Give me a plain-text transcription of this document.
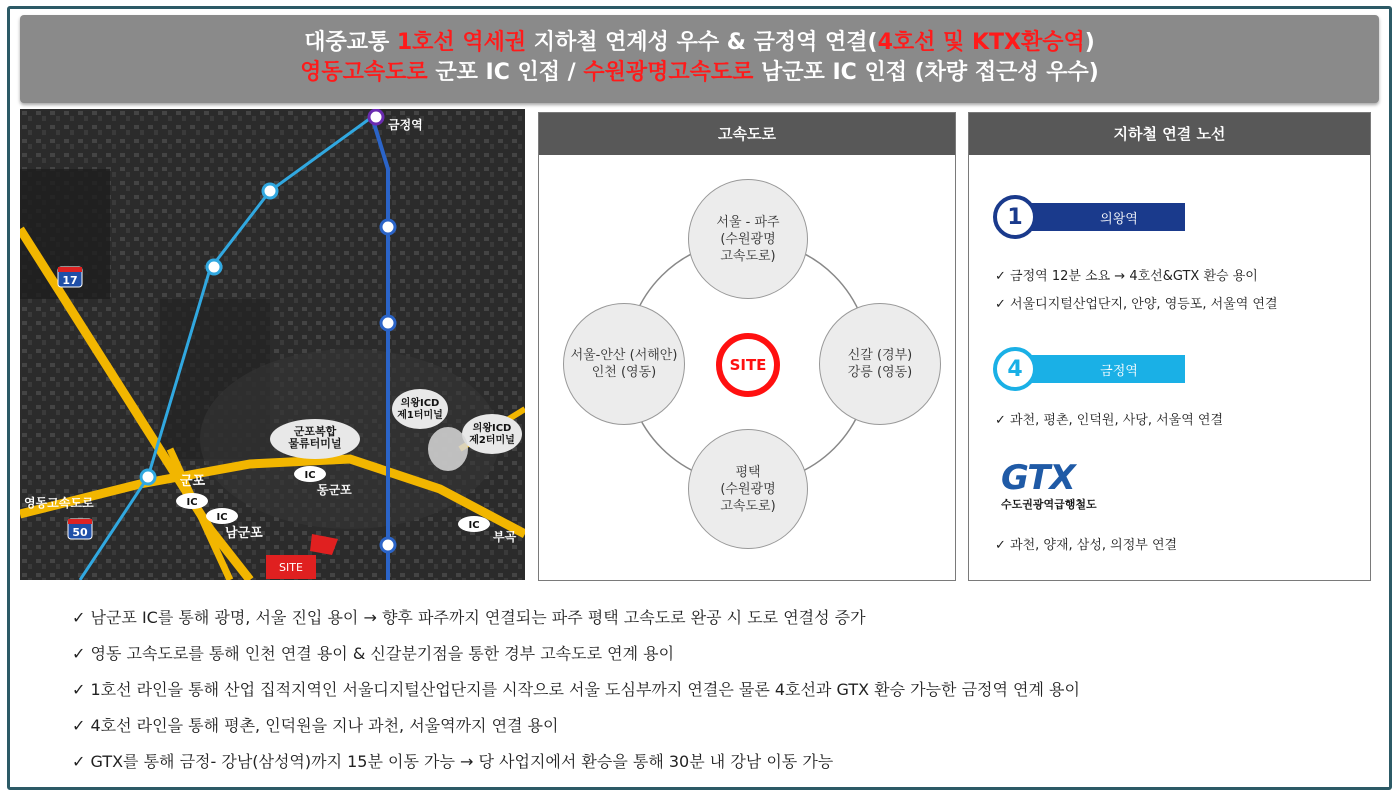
대중교통 1호선 역세권 지하철 연계성 우수 & 금정역 연결(4호선 및 KTX환승역)
영동고속도로 군포 IC 인접 / 수원광명고속도로 남군포 IC 인접 (차량 접근성 우수)
17
50
IC
IC
IC
IC
군포복합 물류터미널
의왕ICD 제1터미널
의왕ICD 제2터미널
군포
남군포
동군포
부곡
영동고속도로
금정역
SITE
고속도로
서울 - 파주
(수원광명
고속도로)
서울-안산 (서해안)
인천 (영동)
신갈 (경부)
강릉 (영동)
평택
(수원광명
고속도로)
SITE
지하철 연결 노선
1	의왕역
✓ 금정역 12분 소요 → 4호선&GTX 환승 용이
✓ 서울디지털산업단지, 안양, 영등포, 서울역 연결
4	금정역
✓ 과천, 평촌, 인덕원, 사당, 서울역 연결
GTX
수도권광역급행철도
✓ 과천, 양재, 삼성, 의정부 연결
✓ 남군포 IC를 통해 광명, 서울 진입 용이 → 향후 파주까지 연결되는 파주 평택 고속도로 완공 시 도로 연결성 증가
✓ 영동 고속도로를 통해 인천 연결 용이 & 신갈분기점을 통한 경부 고속도로 연계 용이
✓ 1호선 라인을 통해 산업 집적지역인 서울디지털산업단지를 시작으로 서울 도심부까지 연결은 물론 4호선과 GTX 환승 가능한 금정역 연계 용이
✓ 4호선 라인을 통해 평촌, 인덕원을 지나 과천, 서울역까지 연결 용이
✓ GTX를 통해 금정- 강남(삼성역)까지 15분 이동 가능 → 당 사업지에서 환승을 통해 30분 내 강남 이동 가능
